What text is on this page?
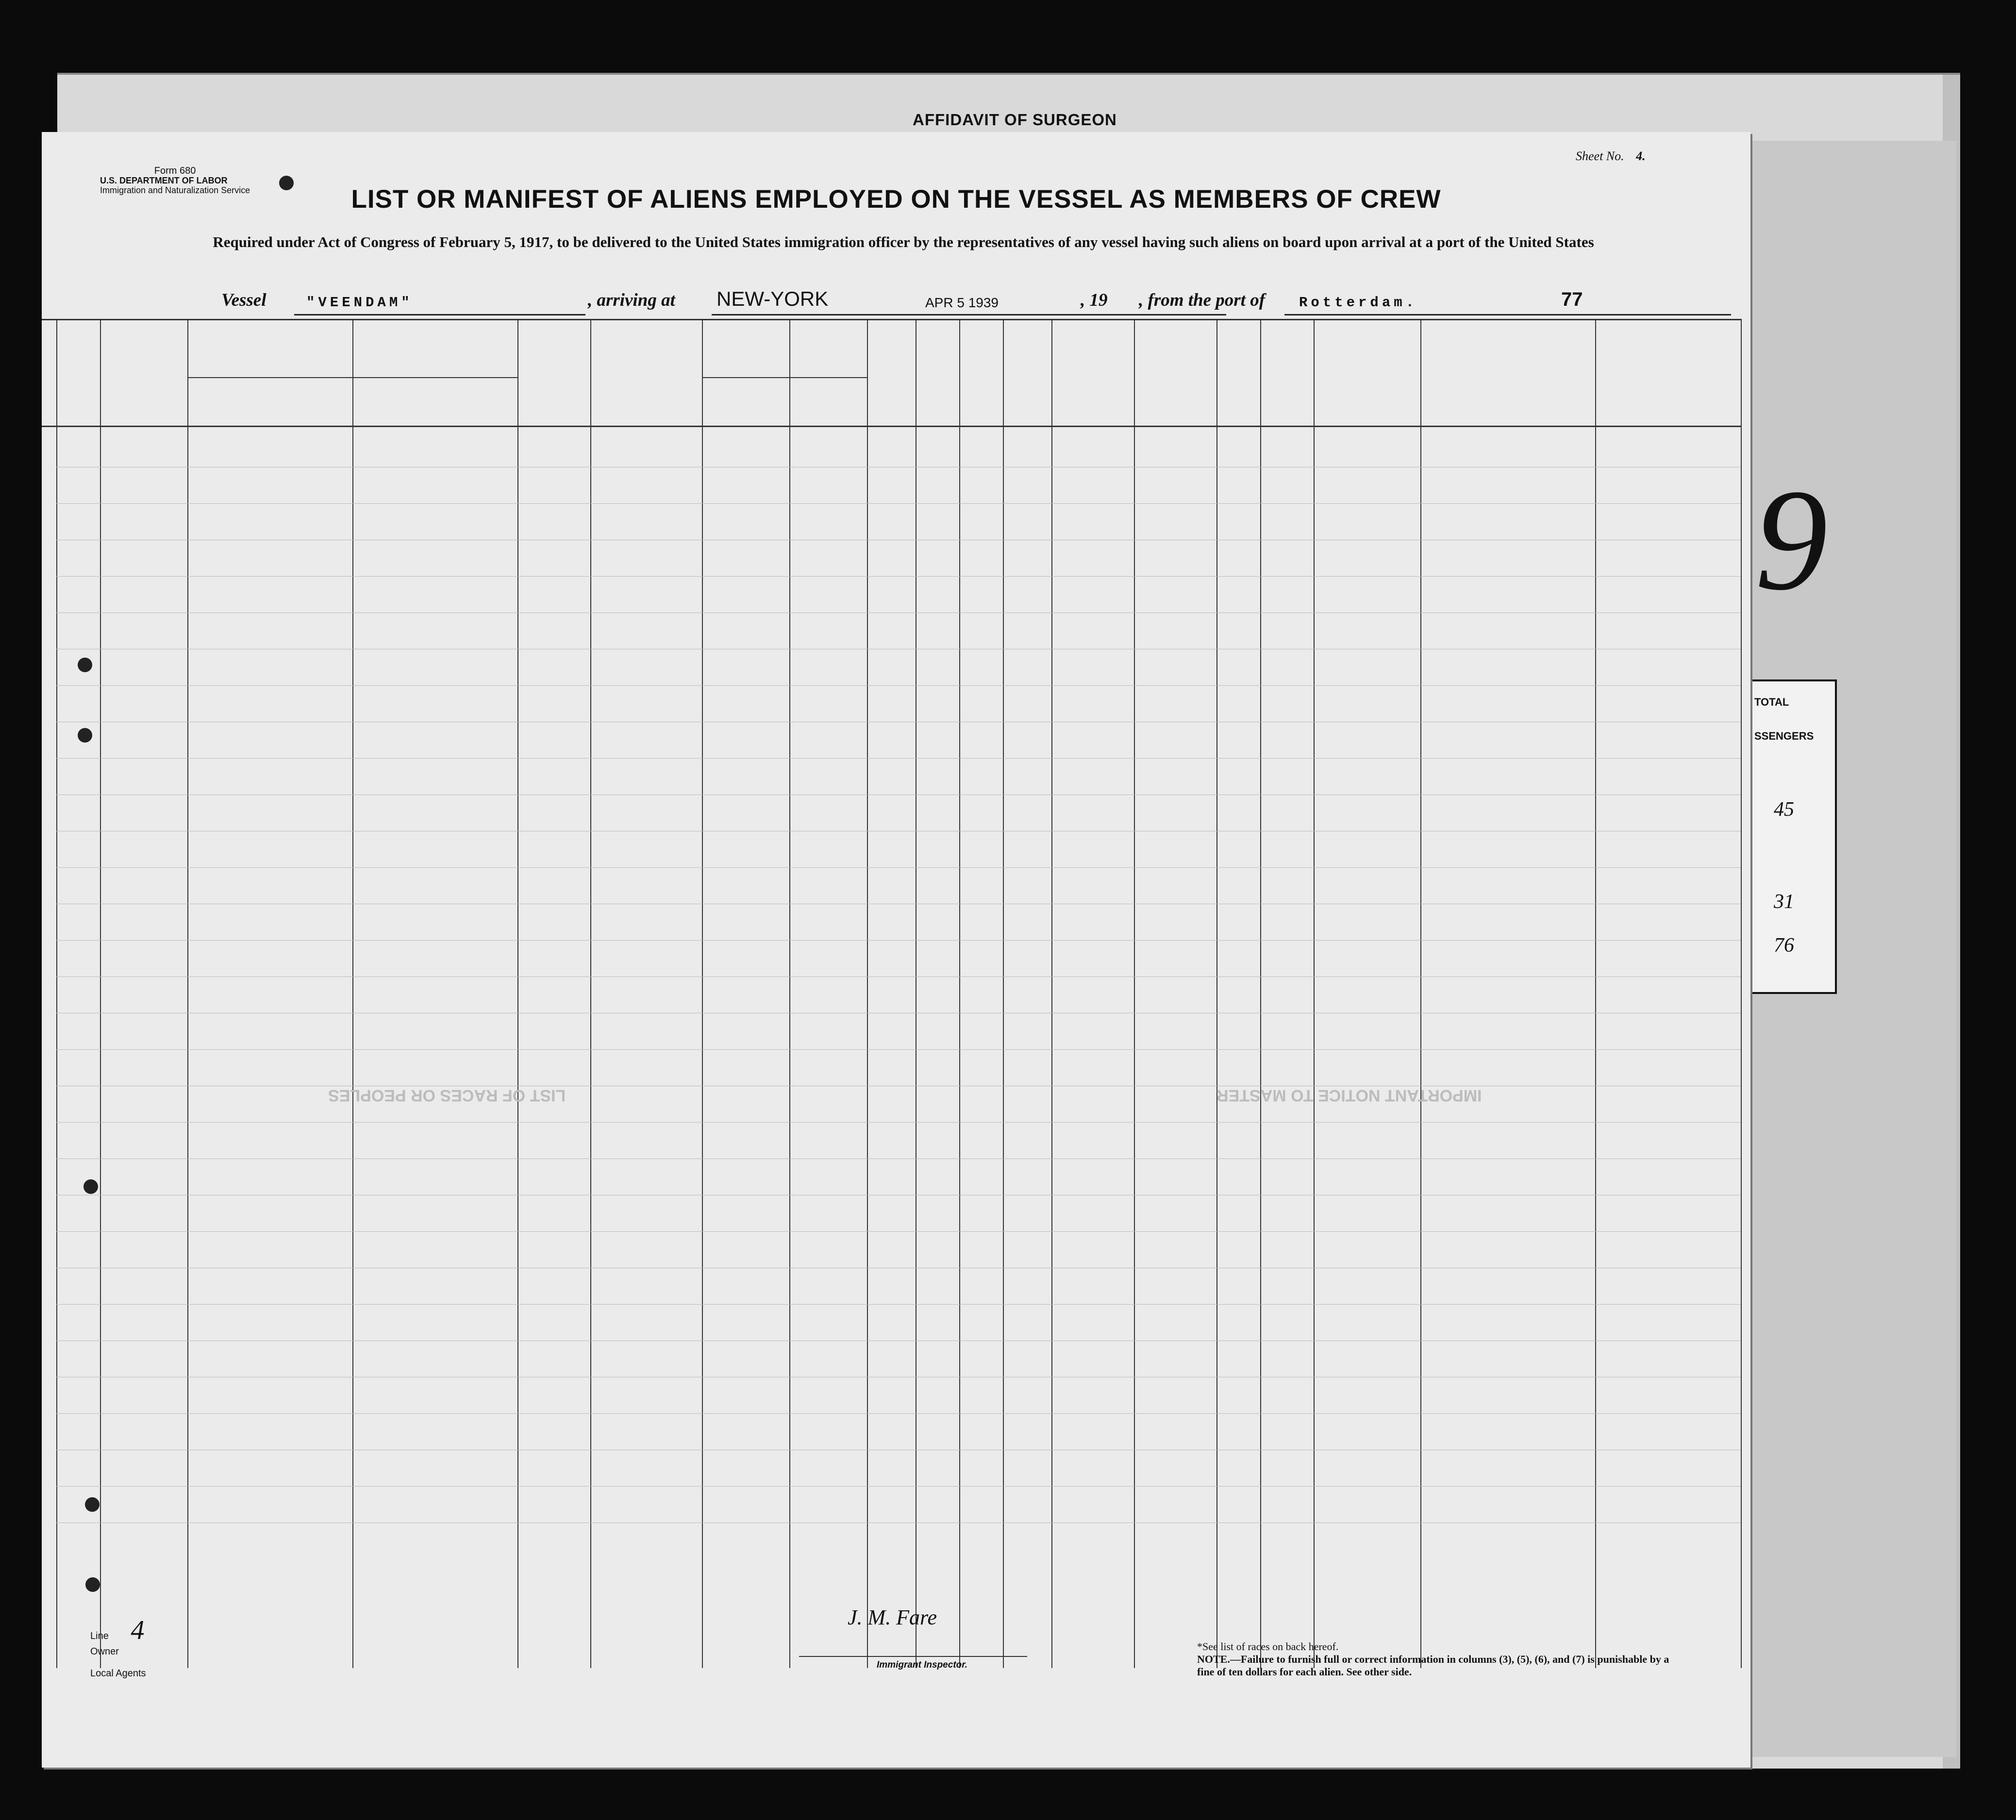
AFFIDAVIT OF SURGEON
9
TOTAL
SSENGERS
45
31
76
Form 680
U.S. DEPARTMENT OF LABOR
Immigration and Naturalization Service
Sheet No. 4.
LIST OR MANIFEST OF ALIENS EMPLOYED ON THE VESSEL AS MEMBERS OF CREW
Required under Act of Congress of February 5, 1917, to be delivered to the United States immigration officer by the representatives of any vessel having such aliens on board upon arrival at a port of the United States
Vessel	"VEENDAM"	, arriving at NEW-YORK	APR 5 1939	, 19 , from the port of Rotterdam.	77
Line 4
Owner
Local Agents
J. M. Fare
Immigrant Inspector.
*See list of races on back hereof.
NOTE.—Failure to furnish full or correct information in columns (3), (5), (6), and (7) is punishable by a fine of ten dollars for each alien. See other side.
LIST OF RACES OR PEOPLES	IMPORTANT NOTICE TO MASTER
